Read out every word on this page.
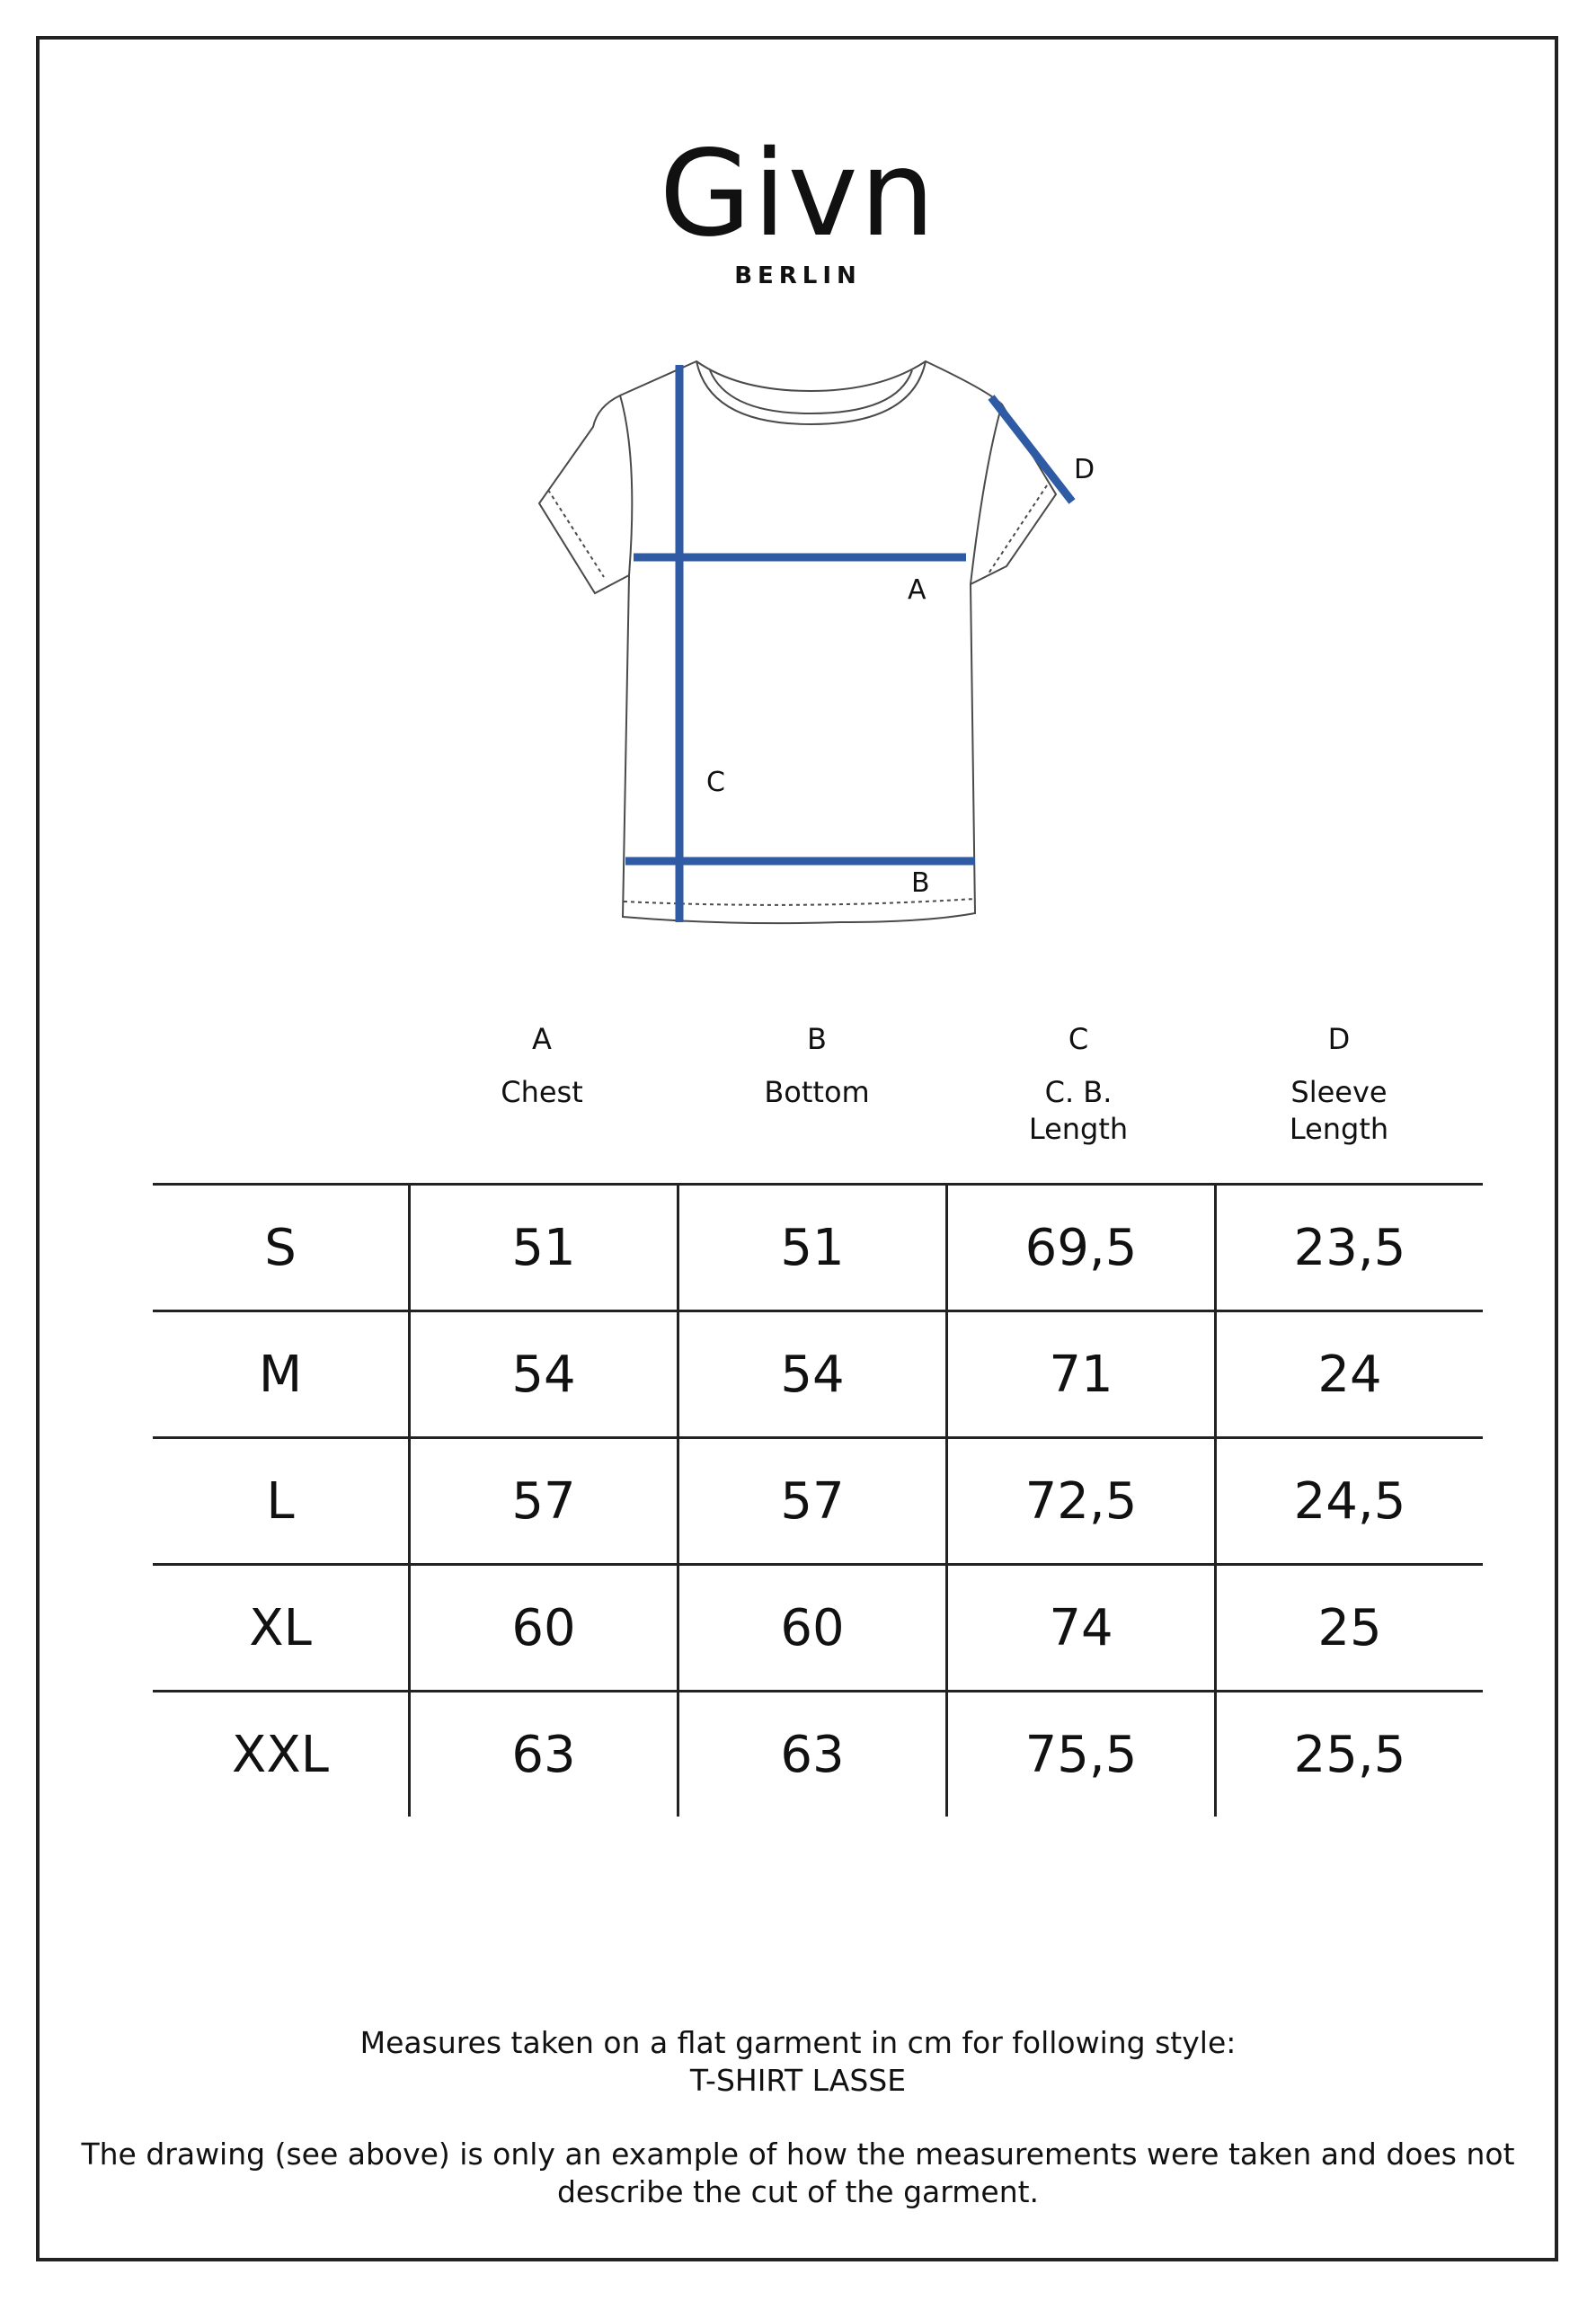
Givn
BERLIN
A
B
C
D
A
Chest
B
Bottom
C
C. B. Length
D
Sleeve Length
S	51	51	69,5	23,5
M	54	54	71	24
L	57	57	72,5	24,5
XL	60	60	74	25
XXL	63	63	75,5	25,5
Measures taken on a flat garment in cm for following style:
T-SHIRT LASSE
The drawing (see above) is only an example of how the measurements were taken and does not describe the cut of the garment.
